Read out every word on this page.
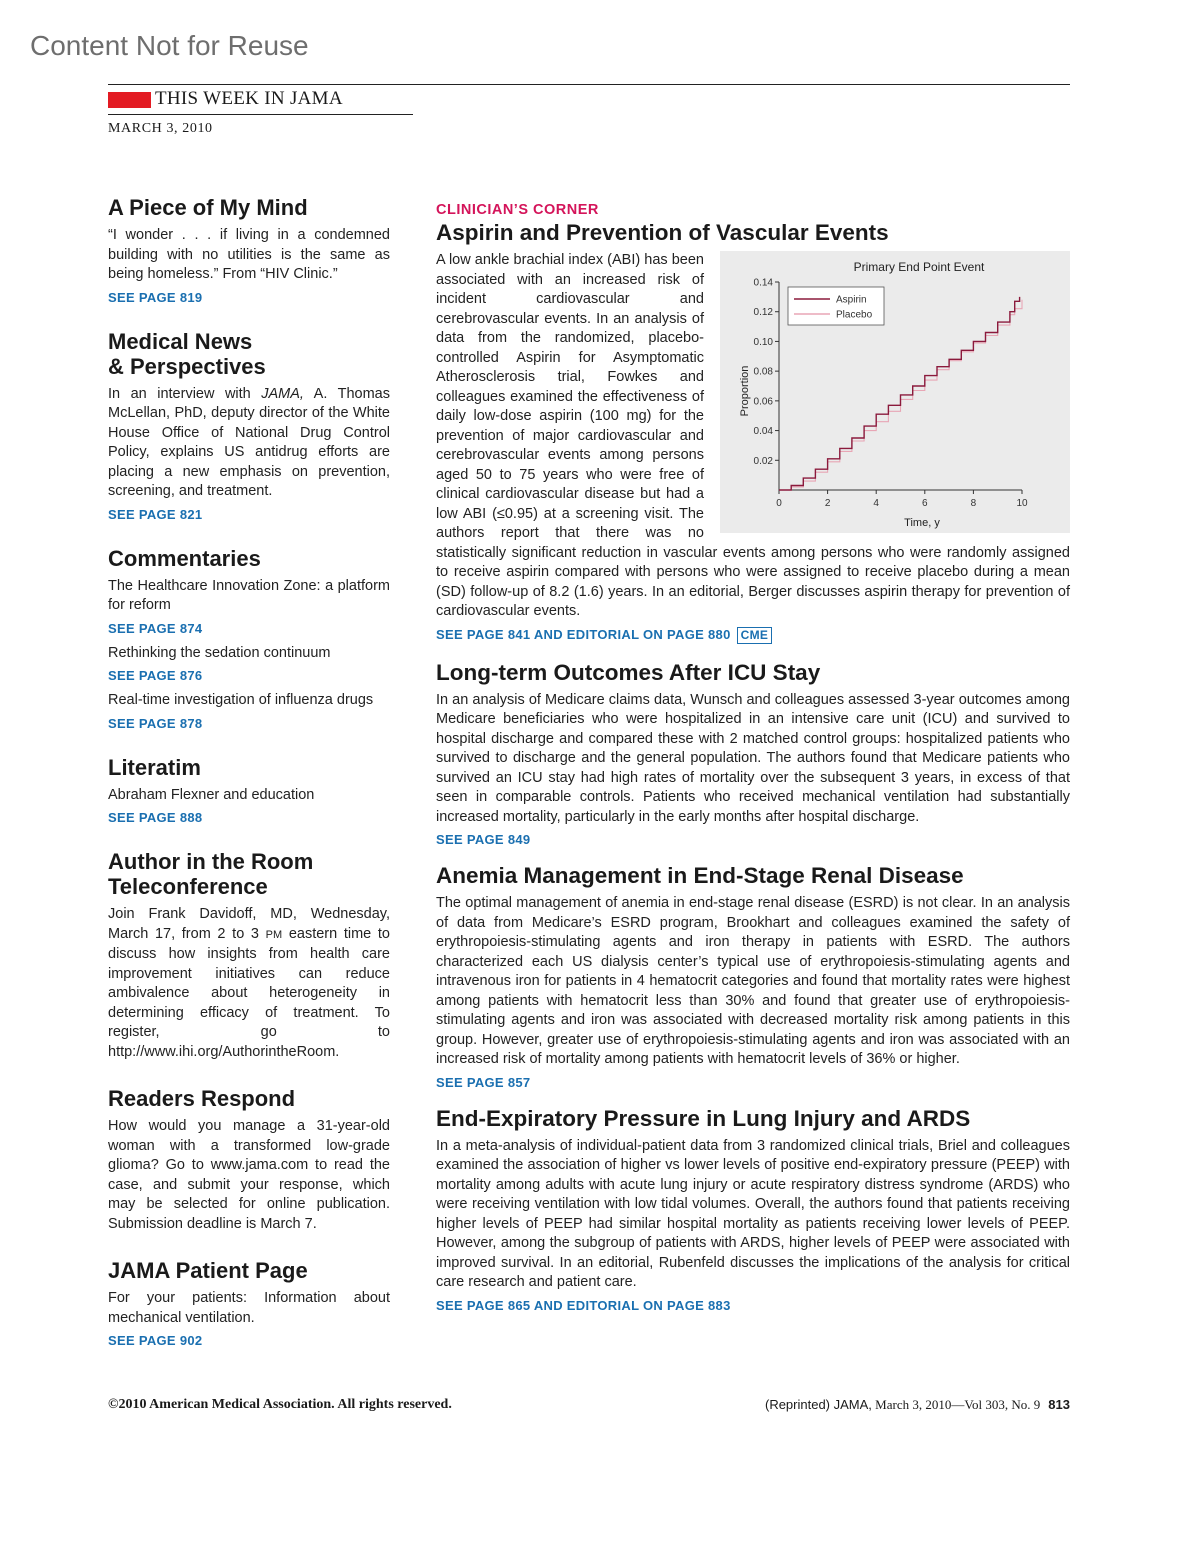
Content Not for Reuse
THIS WEEK IN JAMA
MARCH 3, 2010
A Piece of My Mind

“I wonder . . . if living in a condemned building with no utilities is the same as being homeless.” From “HIV Clinic.”

SEE PAGE 819
Medical News
& Perspectives

In an interview with JAMA, A. Thomas McLellan, PhD, deputy director of the White House Office of National Drug Control Policy, explains US antidrug efforts are placing a new emphasis on prevention, screening, and treatment.

SEE PAGE 821
Commentaries

The Healthcare Innovation Zone: a platform for reform

SEE PAGE 874

Rethinking the sedation continuum

SEE PAGE 876

Real-time investigation of influenza drugs

SEE PAGE 878
Literatim

Abraham Flexner and education

SEE PAGE 888
Author in the Room
Teleconference

Join Frank Davidoff, MD, Wednesday, March 17, from 2 to 3 PM eastern time to discuss how insights from health care improvement initiatives can reduce ambivalence about heterogeneity in determining efficacy of treatment. To register, go to http://www.ihi.org/AuthorintheRoom.

Readers Respond

How would you manage a 31-year-old woman with a transformed low-grade glioma? Go to www.jama.com to read the case, and submit your response, which may be selected for online publication. Submission deadline is March 7.

JAMA Patient Page

For your patients: Information about mechanical ventilation.

SEE PAGE 902
CLINICIAN’S CORNER
Aspirin and Prevention of Vascular Events
Primary End Point Event
Proportion
Time, y
0.02
0.04
0.06
0.08
0.10
0.12
0.14
0	2	4	6	8	10
Aspirin
Placebo

A low ankle brachial index (ABI) has been associated with an increased risk of incident cardiovascular and cerebrovascular events. In an analysis of data from the randomized, placebo-controlled Aspirin for Asymptomatic Atherosclerosis trial, Fowkes and colleagues examined the effectiveness of daily low-dose aspirin (100 mg) for the prevention of major cardiovascular and cerebrovascular events among persons aged 50 to 75 years who were free of clinical cardiovascular disease but had a low ABI (≤0.95) at a screening visit. The authors report that there was no statistically significant reduction in vascular events among persons who were randomly assigned to receive aspirin compared with persons who were assigned to receive placebo during a mean (SD) follow-up of 8.2 (1.6) years. In an editorial, Berger discusses aspirin therapy for prevention of cardiovascular events.

SEE PAGE 841 AND EDITORIAL ON PAGE 880 CME
Long-term Outcomes After ICU Stay

In an analysis of Medicare claims data, Wunsch and colleagues assessed 3-year outcomes among Medicare beneficiaries who were hospitalized in an intensive care unit (ICU) and survived to hospital discharge and compared these with 2 matched control groups: hospitalized patients who survived to discharge and the general population. The authors found that Medicare patients who survived an ICU stay had high rates of mortality over the subsequent 3 years, in excess of that seen in comparable controls. Patients who received mechanical ventilation had substantially increased mortality, particularly in the early months after hospital discharge.

SEE PAGE 849
Anemia Management in End-Stage Renal Disease

The optimal management of anemia in end-stage renal disease (ESRD) is not clear. In an analysis of data from Medicare’s ESRD program, Brookhart and colleagues examined the safety of erythropoiesis-stimulating agents and iron therapy in patients with ESRD. The authors characterized each US dialysis center’s typical use of erythropoiesis-stimulating agents and intravenous iron for patients in 4 hematocrit categories and found that mortality rates were highest among patients with hematocrit less than 30% and found that greater use of erythropoiesis-stimulating agents and iron was associated with decreased mortality risk among patients in this group. However, greater use of erythropoiesis-stimulating agents and iron was associated with an increased risk of mortality among patients with hematocrit levels of 36% or higher.

SEE PAGE 857
End-Expiratory Pressure in Lung Injury and ARDS

In a meta-analysis of individual-patient data from 3 randomized clinical trials, Briel and colleagues examined the association of higher vs lower levels of positive end-expiratory pressure (PEEP) with mortality among adults with acute lung injury or acute respiratory distress syndrome (ARDS) who were receiving ventilation with low tidal volumes. Overall, the authors found that patients receiving higher levels of PEEP had similar hospital mortality as patients receiving lower levels of PEEP. However, among the subgroup of patients with ARDS, higher levels of PEEP were associated with improved survival. In an editorial, Rubenfeld discusses the implications of the analysis for critical care research and patient care.

SEE PAGE 865 AND EDITORIAL ON PAGE 883
©2010 American Medical Association. All rights reserved.	(Reprinted) JAMA, March 3, 2010—Vol 303, No. 9 813
